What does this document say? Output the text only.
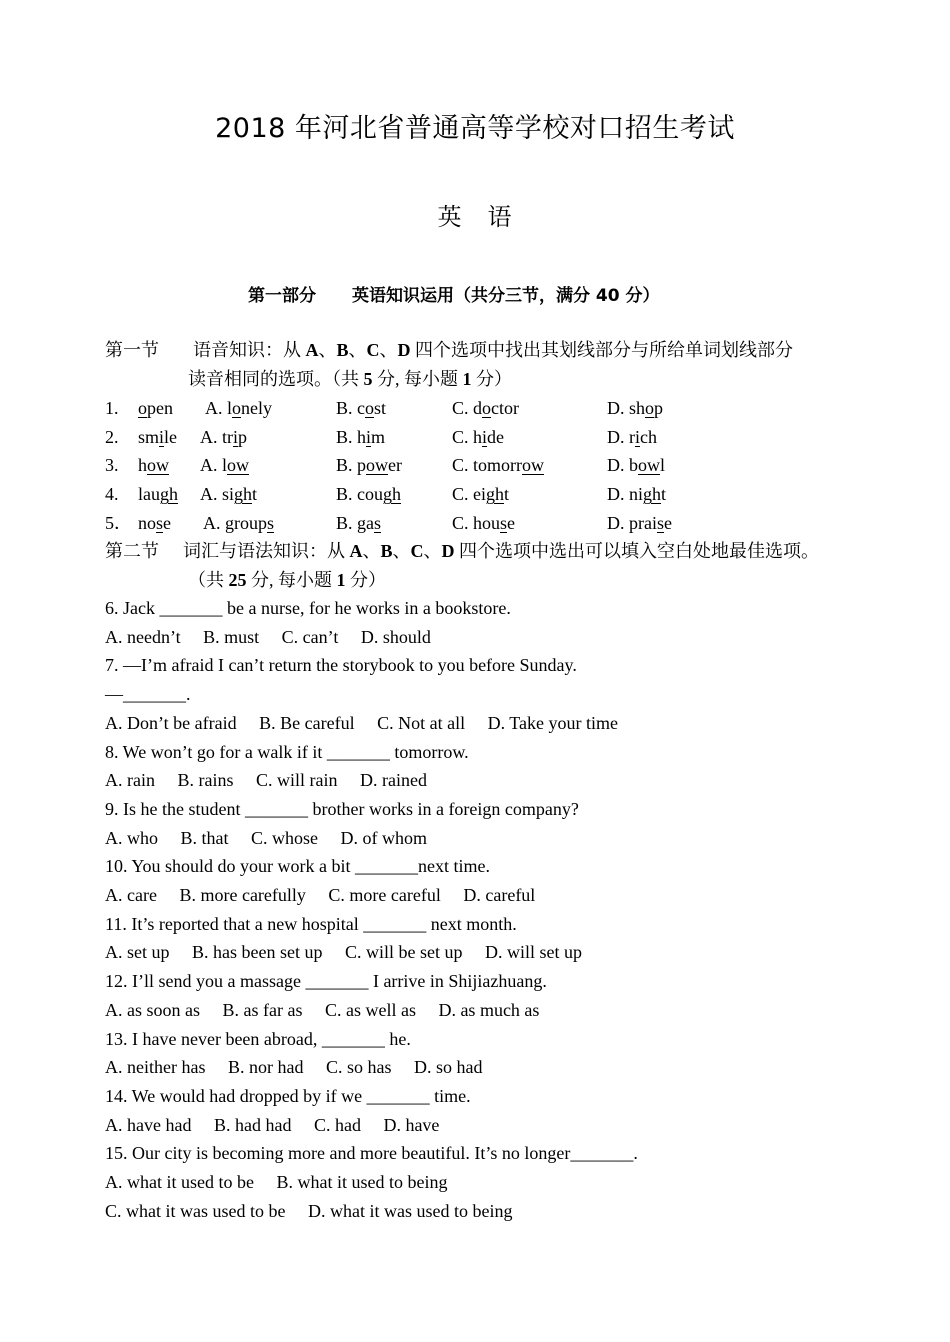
2018 年河北省普通高等学校对口招生考试
英　语
第一部分 英语知识运用（共分三节，满分 40 分）
第一节 语音知识：从 A、B、C、D 四个选项中找出其划线部分与所给单词划线部分
读音相同的选项。（共 5 分, 每小题 1 分）
1. open A. lonely	B. cost	C. doctor	D. shop
2. smile A. trip	B. him	C. hide	D. rich
3. how A. low	B. power	C. tomorrow	D. bowl
4. laugh A. sight	B. cough	C. eight	D. night
5． nose A. groups	B. gas	C. house	D. praise
第二节 词汇与语法知识：从 A、B、C、D 四个选项中选出可以填入空白处地最佳选项。
（共 25 分, 每小题 1 分）
6. Jack _______ be a nurse, for he works in a bookstore.
A. needn’t　 B. must　 C. can’t　 D. should
7. —I’m afraid I can’t return the storybook to you before Sunday.
—_______.
A. Don’t be afraid　 B. Be careful　 C. Not at all　 D. Take your time
8. We won’t go for a walk if it _______ tomorrow.
A. rain　 B. rains　 C. will rain　 D. rained
9. Is he the student _______ brother works in a foreign company?
A. who　 B. that　 C. whose　 D. of whom
10. You should do your work a bit _______next time.
A. care　 B. more carefully　 C. more careful　 D. careful
11. It’s reported that a new hospital _______ next month.
A. set up　 B. has been set up　 C. will be set up　 D. will set up
12. I’ll send you a massage _______ I arrive in Shijiazhuang.
A. as soon as　 B. as far as　 C. as well as　 D. as much as
13. I have never been abroad, _______ he.
A. neither has　 B. nor had　 C. so has　 D. so had
14. We would had dropped by if we _______ time.
A. have had　 B. had had　 C. had　 D. have
15. Our city is becoming more and more beautiful. It’s no longer_______.
A. what it used to be　 B. what it used to being
C. what it was used to be　 D. what it was used to being
